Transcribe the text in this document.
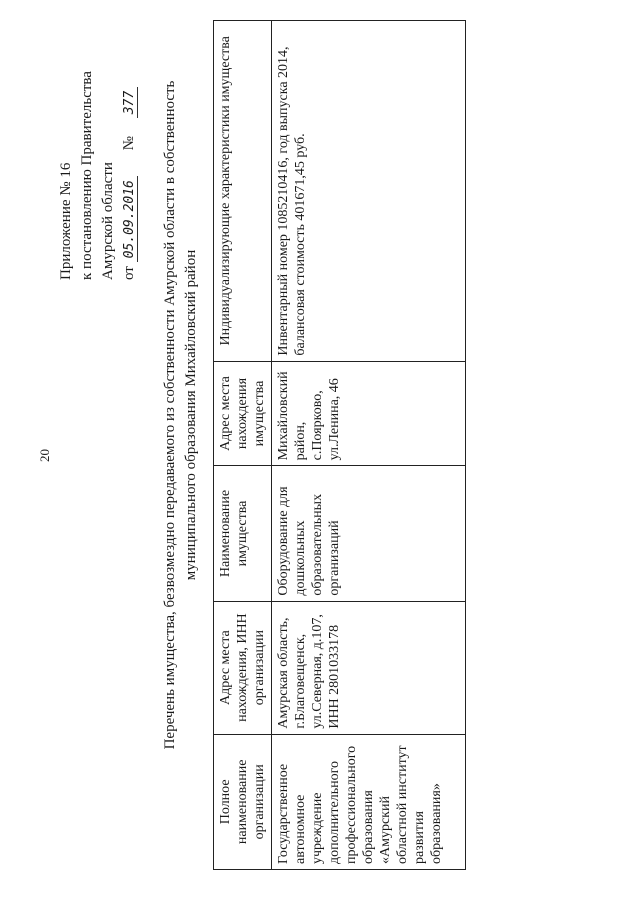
20
Приложение № 16 к постановлению Правительства Амурской области от 05.09.2016 № 377 Перечень имущества, безвозмездно передаваемого из собственности Амурской области в собственность муниципального образования Михайловский район
Полное наименование организации	Адрес места нахождения, ИНН организации	Наименование имущества	Адрес места нахождения имущества	Индивидуализирующие характеристики имущества
Государственное автономное учреждение дополнительного профессионального образования «Амурский областной институт развития образования»	Амурская область, г.Благовещенск, ул.Северная, д.107, ИНН 2801033178	Оборудование для дошкольных образовательных организаций	Михайловский район, с.Поярково, ул.Ленина, 46	Инвентарный номер 1085210416, год выпуска 2014, балансовая стоимость 401671,45 руб.
